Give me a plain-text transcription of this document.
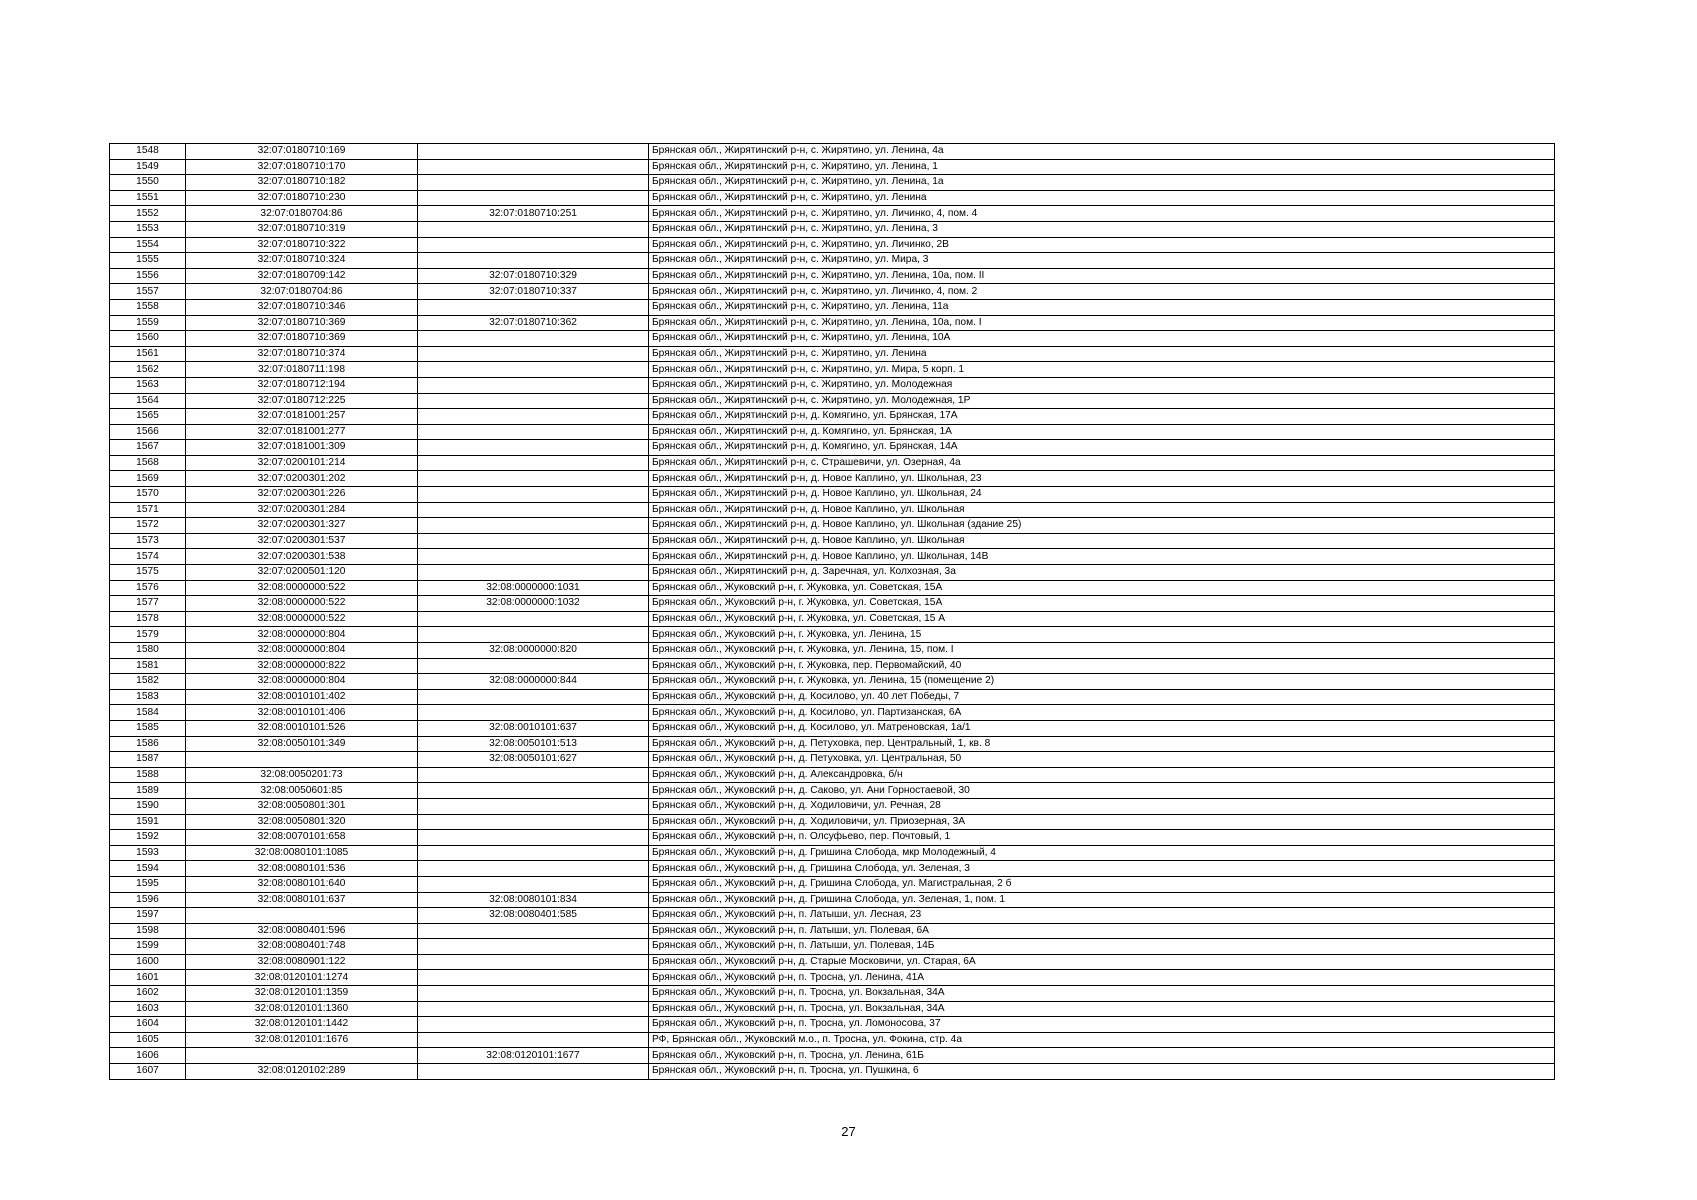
1548	32:07:0180710:169		Брянская обл., Жирятинский р-н, с. Жирятино, ул. Ленина, 4а
1549	32:07:0180710:170		Брянская обл., Жирятинский р-н, с. Жирятино, ул. Ленина, 1
1550	32:07:0180710:182		Брянская обл., Жирятинский р-н, с. Жирятино, ул. Ленина, 1а
1551	32:07:0180710:230		Брянская обл., Жирятинский р-н, с. Жирятино, ул. Ленина
1552	32:07:0180704:86	32:07:0180710:251	Брянская обл., Жирятинский р-н, с. Жирятино, ул. Личинко, 4, пом. 4
1553	32:07:0180710:319		Брянская обл., Жирятинский р-н, с. Жирятино, ул. Ленина, 3
1554	32:07:0180710:322		Брянская обл., Жирятинский р-н, с. Жирятино, ул. Личинко, 2В
1555	32:07:0180710:324		Брянская обл., Жирятинский р-н, с. Жирятино, ул. Мира, 3
1556	32:07:0180709:142	32:07:0180710:329	Брянская обл., Жирятинский р-н, с. Жирятино, ул. Ленина, 10а, пом. II
1557	32:07:0180704:86	32:07:0180710:337	Брянская обл., Жирятинский р-н, с. Жирятино, ул. Личинко, 4, пом. 2
1558	32:07:0180710:346		Брянская обл., Жирятинский р-н, с. Жирятино, ул. Ленина, 11а
1559	32:07:0180710:369	32:07:0180710:362	Брянская обл., Жирятинский р-н, с. Жирятино, ул. Ленина, 10а, пом. I
1560	32:07:0180710:369		Брянская обл., Жирятинский р-н, с. Жирятино, ул. Ленина, 10А
1561	32:07:0180710:374		Брянская обл., Жирятинский р-н, с. Жирятино, ул. Ленина
1562	32:07:0180711:198		Брянская обл., Жирятинский р-н, с. Жирятино, ул. Мира, 5 корп. 1
1563	32:07:0180712:194		Брянская обл., Жирятинский р-н, с. Жирятино, ул. Молодежная
1564	32:07:0180712:225		Брянская обл., Жирятинский р-н, с. Жирятино, ул. Молодежная, 1Р
1565	32:07:0181001:257		Брянская обл., Жирятинский р-н, д. Комягино, ул. Брянская, 17А
1566	32:07:0181001:277		Брянская обл., Жирятинский р-н, д. Комягино, ул. Брянская, 1А
1567	32:07:0181001:309		Брянская обл., Жирятинский р-н, д. Комягино, ул. Брянская, 14А
1568	32:07:0200101:214		Брянская обл., Жирятинский р-н, с. Страшевичи, ул. Озерная, 4а
1569	32:07:0200301:202		Брянская обл., Жирятинский р-н, д. Новое Каплино, ул. Школьная, 23
1570	32:07:0200301:226		Брянская обл., Жирятинский р-н, д. Новое Каплино, ул. Школьная, 24
1571	32:07:0200301:284		Брянская обл., Жирятинский р-н, д. Новое Каплино, ул. Школьная
1572	32:07:0200301:327		Брянская обл., Жирятинский р-н, д. Новое Каплино, ул. Школьная (здание 25)
1573	32:07:0200301:537		Брянская обл., Жирятинский р-н, д. Новое Каплино, ул. Школьная
1574	32:07:0200301:538		Брянская обл., Жирятинский р-н, д. Новое Каплино, ул. Школьная, 14В
1575	32:07:0200501:120		Брянская обл., Жирятинский р-н, д. Заречная, ул. Колхозная, 3а
1576	32:08:0000000:522	32:08:0000000:1031	Брянская обл., Жуковский р-н, г. Жуковка, ул. Советская, 15А
1577	32:08:0000000:522	32:08:0000000:1032	Брянская обл., Жуковский р-н, г. Жуковка, ул. Советская, 15А
1578	32:08:0000000:522		Брянская обл., Жуковский р-н, г. Жуковка, ул. Советская, 15 А
1579	32:08:0000000:804		Брянская обл., Жуковский р-н, г. Жуковка, ул. Ленина, 15
1580	32:08:0000000:804	32:08:0000000:820	Брянская обл., Жуковский р-н, г. Жуковка, ул. Ленина, 15, пом. I
1581	32:08:0000000:822		Брянская обл., Жуковский р-н, г. Жуковка, пер. Первомайский, 40
1582	32:08:0000000:804	32:08:0000000:844	Брянская обл., Жуковский р-н, г. Жуковка, ул. Ленина, 15 (помещение 2)
1583	32:08:0010101:402		Брянская обл., Жуковский р-н, д. Косилово, ул. 40 лет Победы, 7
1584	32:08:0010101:406		Брянская обл., Жуковский р-н, д. Косилово, ул. Партизанская, 6А
1585	32:08:0010101:526	32:08:0010101:637	Брянская обл., Жуковский р-н, д. Косилово, ул. Матреновская, 1а/1
1586	32:08:0050101:349	32:08:0050101:513	Брянская обл., Жуковский р-н, д. Петуховка, пер. Центральный, 1, кв. 8
1587		32:08:0050101:627	Брянская обл., Жуковский р-н, д. Петуховка, ул. Центральная, 50
1588	32:08:0050201:73		Брянская обл., Жуковский р-н, д. Александровка, б/н
1589	32:08:0050601:85		Брянская обл., Жуковский р-н, д. Саково, ул. Ани Горностаевой, 30
1590	32:08:0050801:301		Брянская обл., Жуковский р-н, д. Ходиловичи, ул. Речная, 28
1591	32:08:0050801:320		Брянская обл., Жуковский р-н, д. Ходиловичи, ул. Приозерная, 3А
1592	32:08:0070101:658		Брянская обл., Жуковский р-н, п. Олсуфьево, пер. Почтовый, 1
1593	32:08:0080101:1085		Брянская обл., Жуковский р-н, д. Гришина Слобода, мкр Молодежный, 4
1594	32:08:0080101:536		Брянская обл., Жуковский р-н, д. Гришина Слобода, ул. Зеленая, 3
1595	32:08:0080101:640		Брянская обл., Жуковский р-н, д. Гришина Слобода, ул. Магистральная, 2 б
1596	32:08:0080101:637	32:08:0080101:834	Брянская обл., Жуковский р-н, д. Гришина Слобода, ул. Зеленая, 1, пом. 1
1597		32:08:0080401:585	Брянская обл., Жуковский р-н, п. Латыши, ул. Лесная, 23
1598	32:08:0080401:596		Брянская обл., Жуковский р-н, п. Латыши, ул. Полевая, 6А
1599	32:08:0080401:748		Брянская обл., Жуковский р-н, п. Латыши, ул. Полевая, 14Б
1600	32:08:0080901:122		Брянская обл., Жуковский р-н, д. Старые Московичи, ул. Старая, 6А
1601	32:08:0120101:1274		Брянская обл., Жуковский р-н, п. Тросна, ул. Ленина, 41А
1602	32:08:0120101:1359		Брянская обл., Жуковский р-н, п. Тросна, ул. Вокзальная, 34А
1603	32:08:0120101:1360		Брянская обл., Жуковский р-н, п. Тросна, ул. Вокзальная, 34А
1604	32:08:0120101:1442		Брянская обл., Жуковский р-н, п. Тросна, ул. Ломоносова, 37
1605	32:08:0120101:1676		РФ, Брянская обл., Жуковский м.о., п. Тросна, ул. Фокина, стр. 4а
1606		32:08:0120101:1677	Брянская обл., Жуковский р-н, п. Тросна, ул. Ленина, 61Б
1607	32:08:0120102:289		Брянская обл., Жуковский р-н, п. Тросна, ул. Пушкина, 6
27
